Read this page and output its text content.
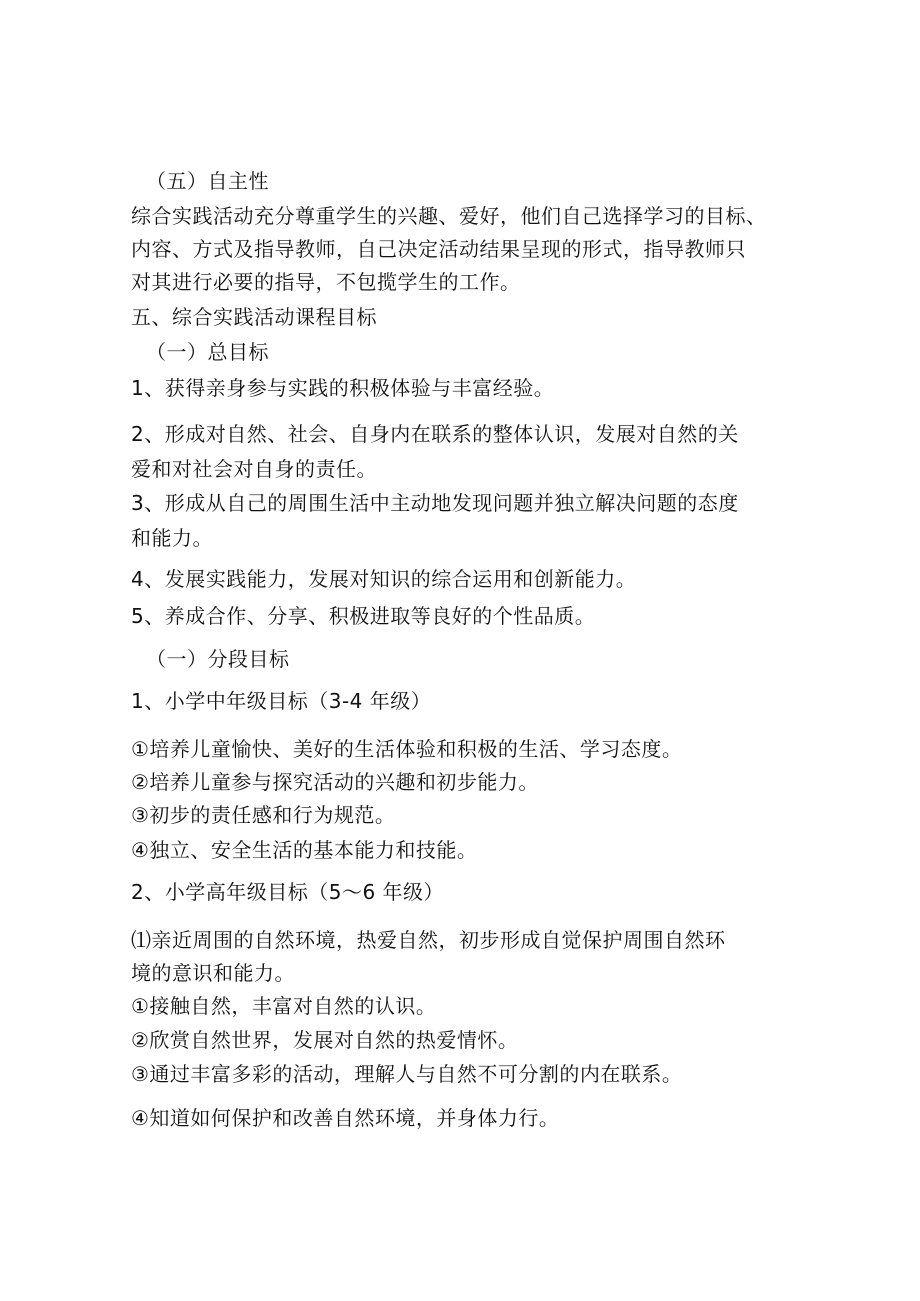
（五）自主性
综合实践活动充分尊重学生的兴趣、爱好，他们自己选择学习的目标、
内容、方式及指导教师，自己决定活动结果呈现的形式，指导教师只
对其进行必要的指导，不包揽学生的工作。
五、综合实践活动课程目标
（一）总目标
1、获得亲身参与实践的积极体验与丰富经验。
2、形成对自然、社会、自身内在联系的整体认识，发展对自然的关
爱和对社会对自身的责任。
3、形成从自己的周围生活中主动地发现问题并独立解决问题的态度
和能力。
4、发展实践能力，发展对知识的综合运用和创新能力。
5、养成合作、分享、积极进取等良好的个性品质。
（一）分段目标
1、小学中年级目标（3-4 年级）
①培养儿童愉快、美好的生活体验和积极的生活、学习态度。
②培养儿童参与探究活动的兴趣和初步能力。
③初步的责任感和行为规范。
④独立、安全生活的基本能力和技能。
2、小学高年级目标（5～6 年级）
⑴亲近周围的自然环境，热爱自然，初步形成自觉保护周围自然环
境的意识和能力。
①接触自然，丰富对自然的认识。
②欣赏自然世界，发展对自然的热爱情怀。
③通过丰富多彩的活动，理解人与自然不可分割的内在联系。
④知道如何保护和改善自然环境，并身体力行。
